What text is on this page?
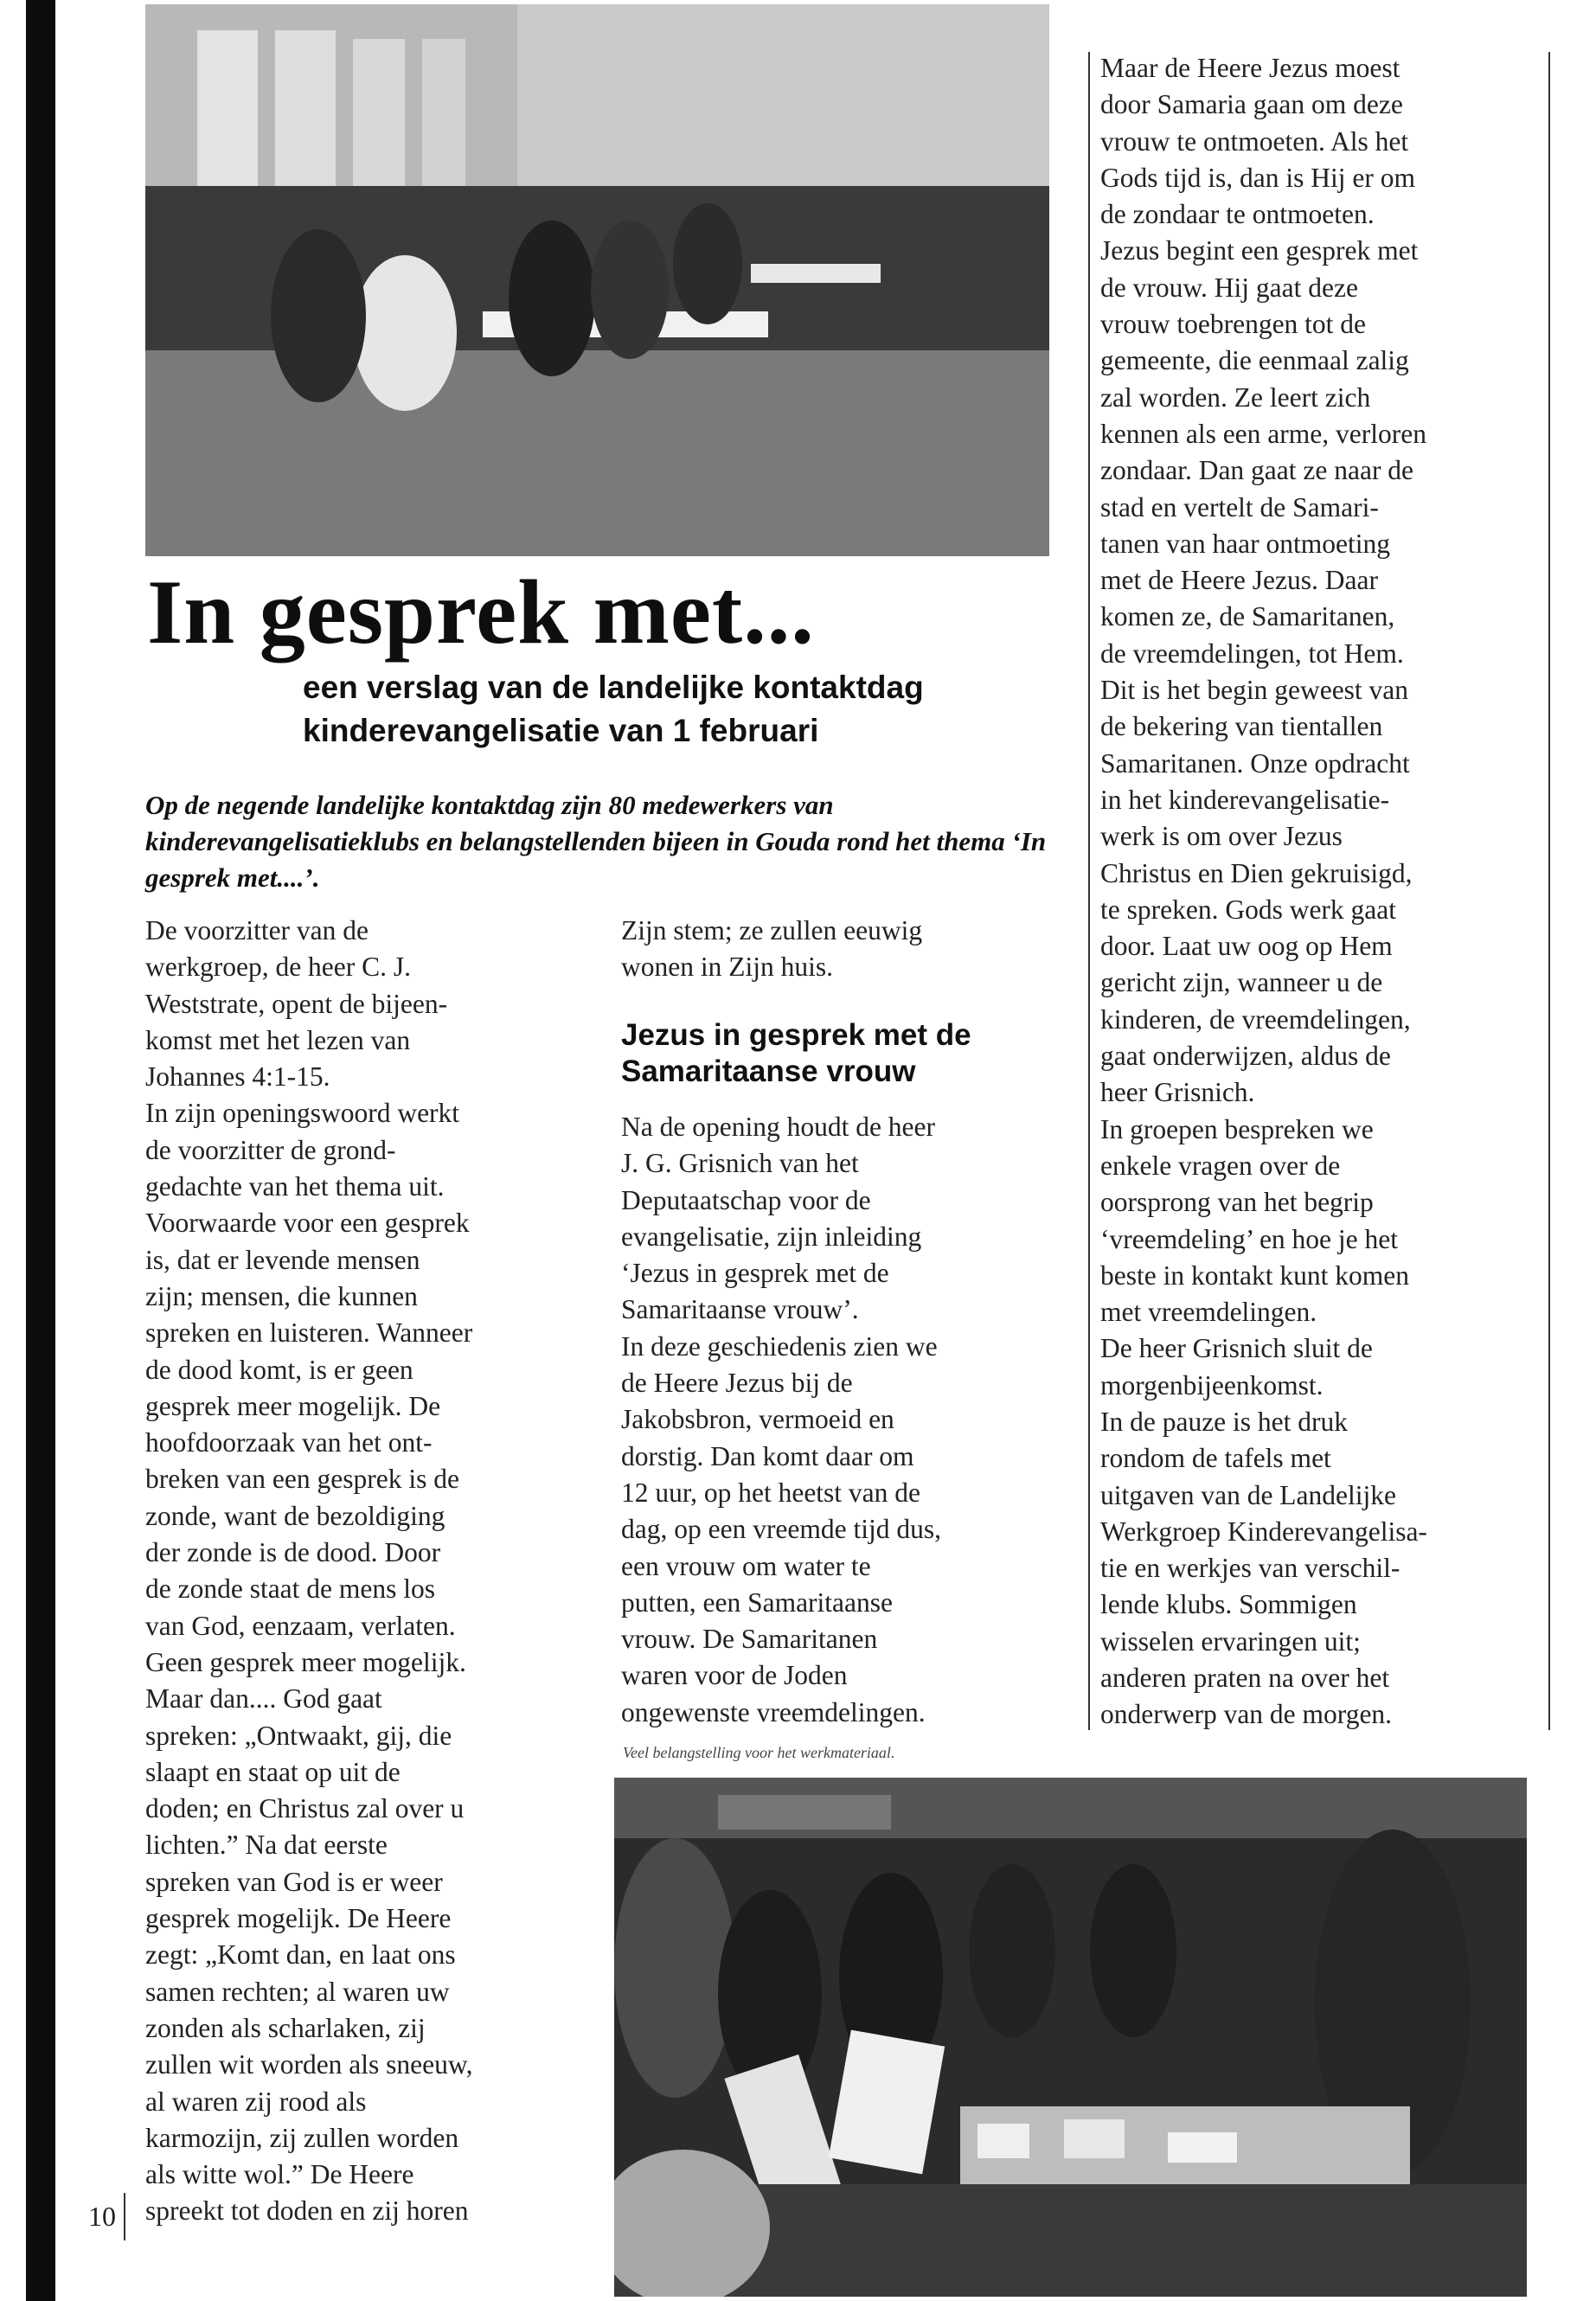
In gesprek met...
een verslag van de landelijke kontaktdag
kinderevangelisatie van 1 februari
Op de negende landelijke kontaktdag zijn 80 medewerkers van kinderevangelisatieklubs en belangstellenden bijeen in Gouda rond het thema ‘In gesprek met....’.
De voorzitter van de
werkgroep, de heer C. J.
Weststrate, opent de bijeen-
komst met het lezen van
Johannes 4:1-15.
In zijn openingswoord werkt
de voorzitter de grond-
gedachte van het thema uit.
Voorwaarde voor een gesprek
is, dat er levende mensen
zijn; mensen, die kunnen
spreken en luisteren. Wanneer
de dood komt, is er geen
gesprek meer mogelijk. De
hoofdoorzaak van het ont-
breken van een gesprek is de
zonde, want de bezoldiging
der zonde is de dood. Door
de zonde staat de mens los
van God, eenzaam, verlaten.
Geen gesprek meer mogelijk.
Maar dan.... God gaat
spreken: „Ontwaakt, gij, die
slaapt en staat op uit de
doden; en Christus zal over u
lichten.” Na dat eerste
spreken van God is er weer
gesprek mogelijk. De Heere
zegt: „Komt dan, en laat ons
samen rechten; al waren uw
zonden als scharlaken, zij
zullen wit worden als sneeuw,
al waren zij rood als
karmozijn, zij zullen worden
als witte wol.” De Heere
spreekt tot doden en zij horen
Zijn stem; ze zullen eeuwig
wonen in Zijn huis.
Jezus in gesprek met de
Samaritaanse vrouw
Na de opening houdt de heer
J. G. Grisnich van het
Deputaatschap voor de
evangelisatie, zijn inleiding
‘Jezus in gesprek met de
Samaritaanse vrouw’.
In deze geschiedenis zien we
de Heere Jezus bij de
Jakobsbron, vermoeid en
dorstig. Dan komt daar om
12 uur, op het heetst van de
dag, op een vreemde tijd dus,
een vrouw om water te
putten, een Samaritaanse
vrouw. De Samaritanen
waren voor de Joden
ongewenste vreemdelingen.
Maar de Heere Jezus moest
door Samaria gaan om deze
vrouw te ontmoeten. Als het
Gods tijd is, dan is Hij er om
de zondaar te ontmoeten.
Jezus begint een gesprek met
de vrouw. Hij gaat deze
vrouw toebrengen tot de
gemeente, die eenmaal zalig
zal worden. Ze leert zich
kennen als een arme, verloren
zondaar. Dan gaat ze naar de
stad en vertelt de Samari-
tanen van haar ontmoeting
met de Heere Jezus. Daar
komen ze, de Samaritanen,
de vreemdelingen, tot Hem.
Dit is het begin geweest van
de bekering van tientallen
Samaritanen. Onze opdracht
in het kinderevangelisatie-
werk is om over Jezus
Christus en Dien gekruisigd,
te spreken. Gods werk gaat
door. Laat uw oog op Hem
gericht zijn, wanneer u de
kinderen, de vreemdelingen,
gaat onderwijzen, aldus de
heer Grisnich.
In groepen bespreken we
enkele vragen over de
oorsprong van het begrip
‘vreemdeling’ en hoe je het
beste in kontakt kunt komen
met vreemdelingen.
De heer Grisnich sluit de
morgenbijeenkomst.
In de pauze is het druk
rondom de tafels met
uitgaven van de Landelijke
Werkgroep Kinderevangelisa-
tie en werkjes van verschil-
lende klubs. Sommigen
wisselen ervaringen uit;
anderen praten na over het
onderwerp van de morgen.
Veel belangstelling voor het werkmateriaal.
10
